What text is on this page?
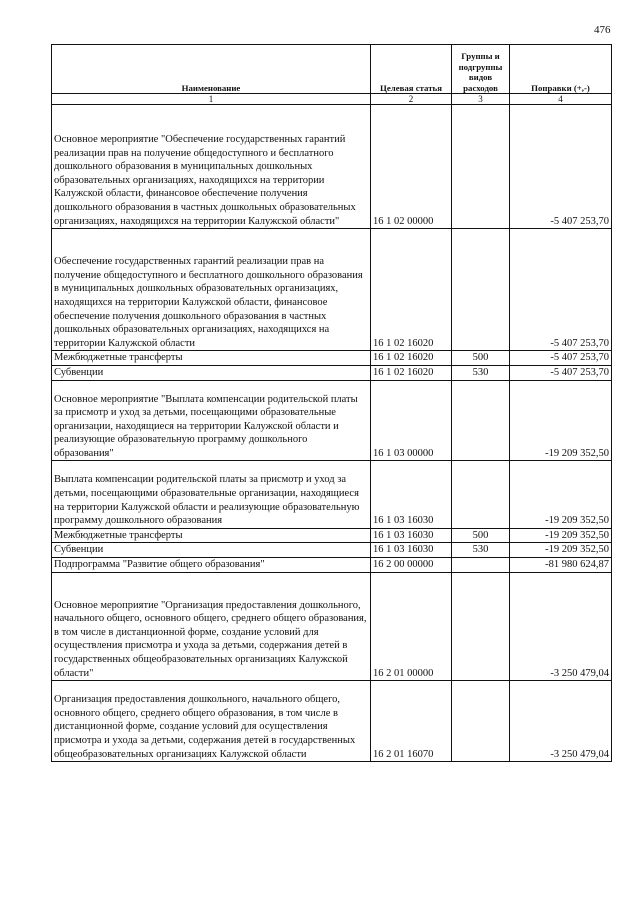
476
Наименование	Целевая статья	Группы и подгруппы видов расходов	Поправки (+,-)
1	2	3	4
Основное мероприятие "Обеспечение государственных гарантий реализации прав на получение общедоступного и бесплатного дошкольного образования в муниципальных дошкольных образовательных организациях, находящихся на территории Калужской области, финансовое обеспечение получения дошкольного образования в частных дошкольных образовательных организациях, находящихся на территории Калужской области"	16 1 02 00000		-5 407 253,70
Обеспечение государственных гарантий реализации прав на получение общедоступного и бесплатного дошкольного образования в муниципальных дошкольных образовательных организациях, находящихся на территории Калужской области, финансовое обеспечение получения дошкольного образования в частных дошкольных образовательных организациях, находящихся на территории Калужской области	16 1 02 16020		-5 407 253,70
Межбюджетные трансферты	16 1 02 16020	500	-5 407 253,70
Субвенции	16 1 02 16020	530	-5 407 253,70
Основное мероприятие "Выплата компенсации родительской платы за присмотр и уход за детьми, посещающими образовательные организации, находящиеся на территории Калужской области и реализующие образовательную программу дошкольного образования"	16 1 03 00000		-19 209 352,50
Выплата компенсации родительской платы за присмотр и уход за детьми, посещающими образовательные организации, находящиеся на территории Калужской области и реализующие образовательную программу дошкольного образования	16 1 03 16030		-19 209 352,50
Межбюджетные трансферты	16 1 03 16030	500	-19 209 352,50
Субвенции	16 1 03 16030	530	-19 209 352,50
Подпрограмма "Развитие общего образования"	16 2 00 00000		-81 980 624,87
Основное мероприятие "Организация предоставления дошкольного, начального общего, основного общего, среднего общего образования, в том числе в дистанционной форме, создание условий для осуществления присмотра и ухода за детьми, содержания детей в государственных общеобразовательных организациях Калужской области"	16 2 01 00000		-3 250 479,04
Организация предоставления дошкольного, начального общего, основного общего, среднего общего образования, в том числе в дистанционной форме, создание условий для осуществления присмотра и ухода за детьми, содержания детей в государственных общеобразовательных организациях Калужской области	16 2 01 16070		-3 250 479,04
